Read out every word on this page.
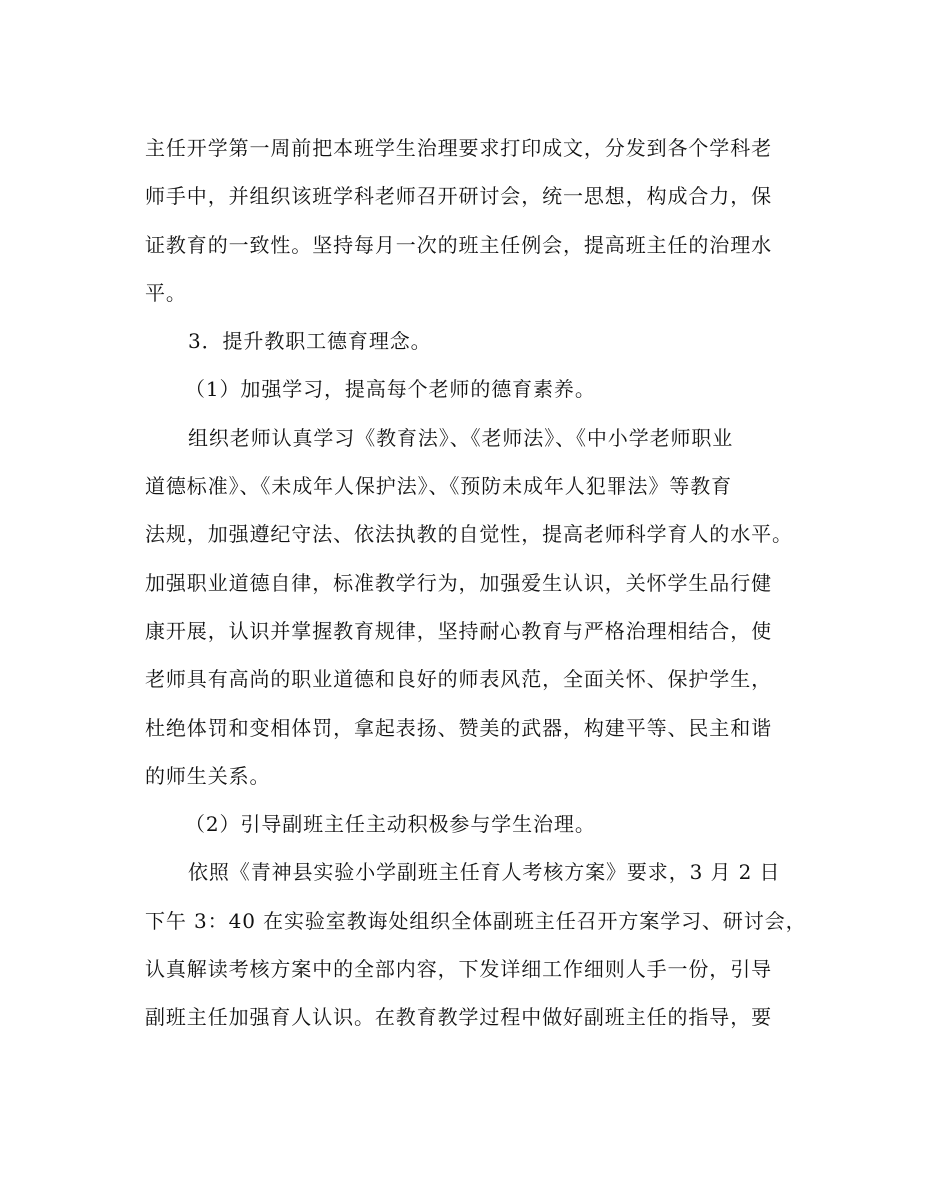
主任开学第一周前把本班学生治理要求打印成文，分发到各个学科老
师手中，并组织该班学科老师召开研讨会，统一思想，构成合力，保
证教育的一致性。坚持每月一次的班主任例会，提高班主任的治理水
平。
3．提升教职工德育理念。
（1）加强学习，提高每个老师的德育素养。
组织老师认真学习《教育法》、《老师法》、《中小学老师职业
道德标准》、《未成年人保护法》、《预防未成年人犯罪法》等教育
法规，加强遵纪守法、依法执教的自觉性，提高老师科学育人的水平。
加强职业道德自律，标准教学行为，加强爱生认识，关怀学生品行健
康开展，认识并掌握教育规律，坚持耐心教育与严格治理相结合，使
老师具有高尚的职业道德和良好的师表风范，全面关怀、保护学生，
杜绝体罚和变相体罚，拿起表扬、赞美的武器，构建平等、民主和谐
的师生关系。
（2）引导副班主任主动积极参与学生治理。
依照《青神县实验小学副班主任育人考核方案》要求，3 月 2 日
下午 3：40 在实验室教诲处组织全体副班主任召开方案学习、研讨会，
认真解读考核方案中的全部内容，下发详细工作细则人手一份，引导
副班主任加强育人认识。在教育教学过程中做好副班主任的指导，要
